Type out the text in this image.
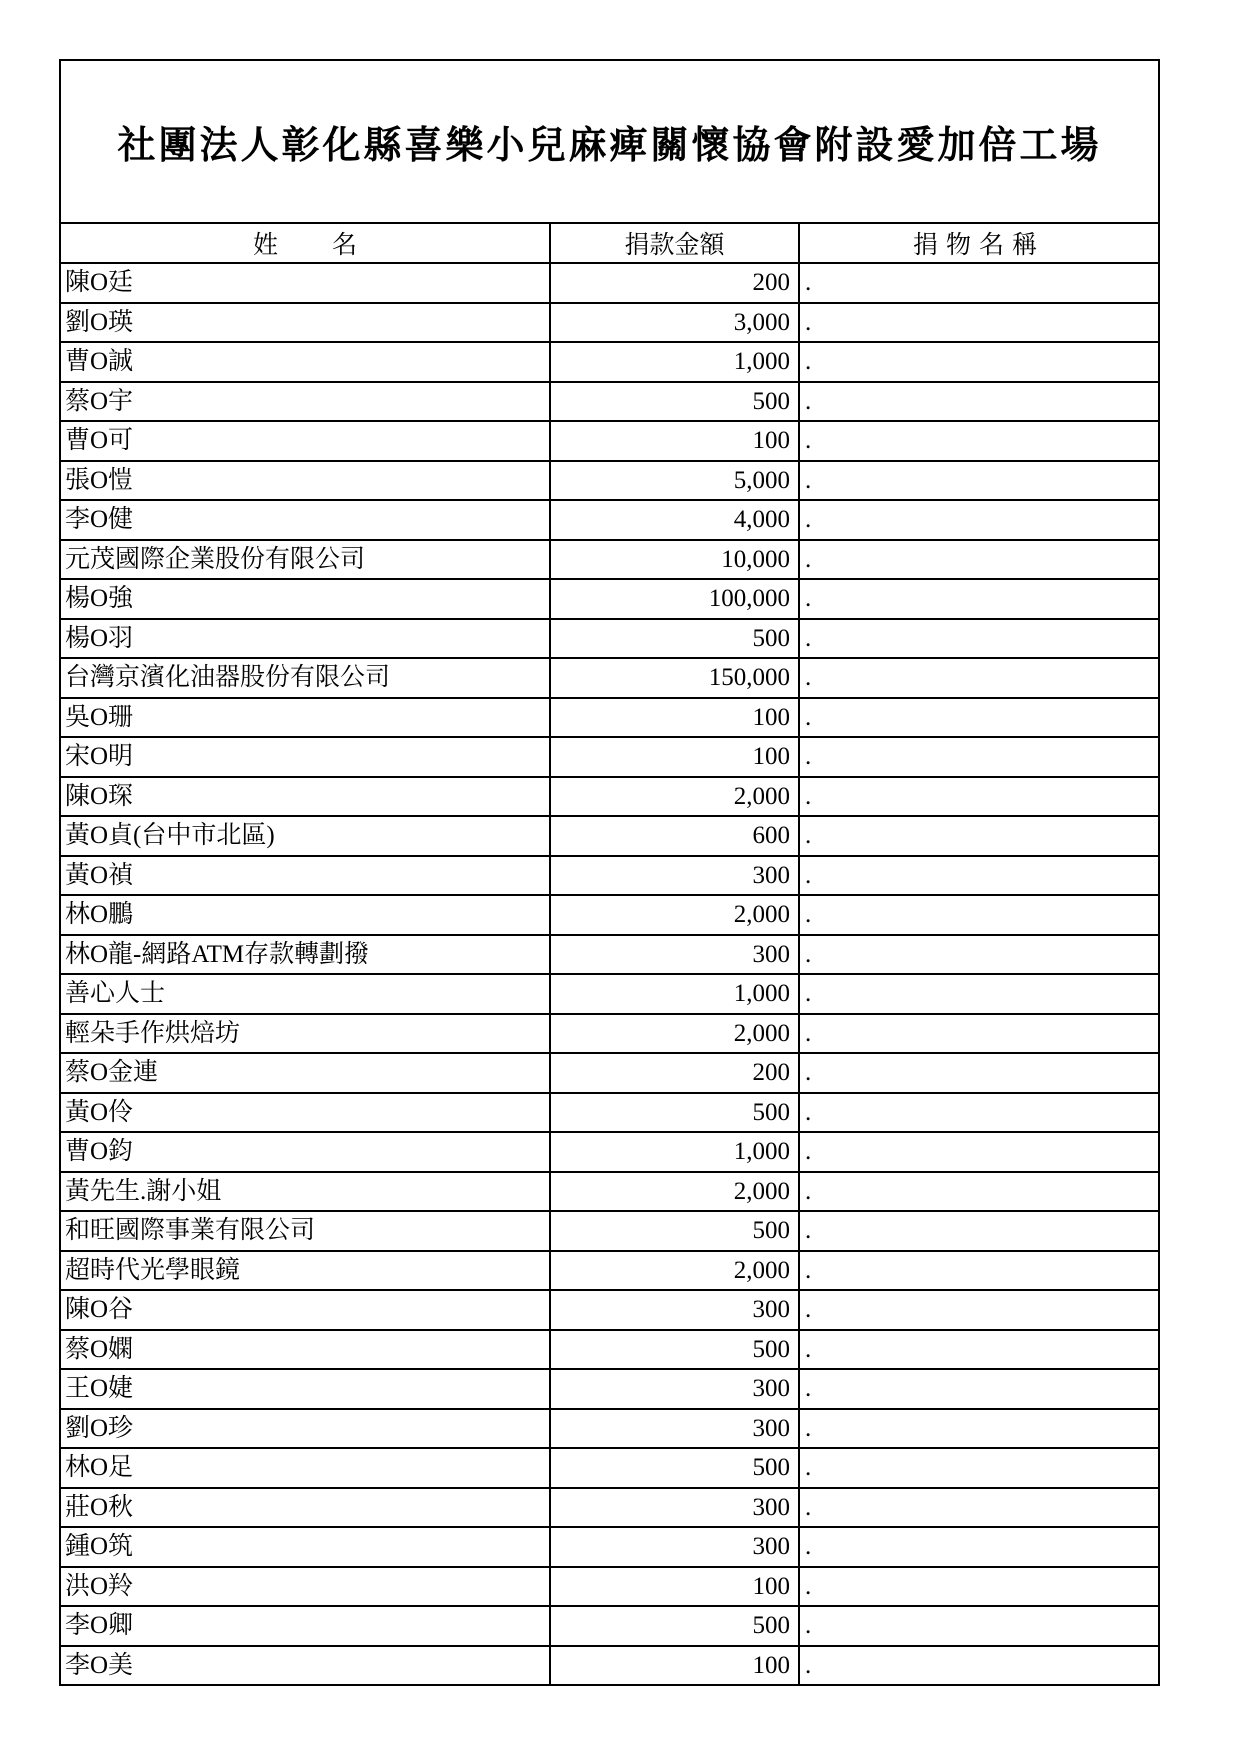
社團法人彰化縣喜樂小兒麻痺關懷協會附設愛加倍工場		
姓名	捐款金額	捐物名稱
陳O廷	200	.
劉O瑛	3,000	.
曹O誠	1,000	.
蔡O宇	500	.
曹O可	100	.
張O愷	5,000	.
李O健	4,000	.
元茂國際企業股份有限公司	10,000	.
楊O強	100,000	.
楊O羽	500	.
台灣京濱化油器股份有限公司	150,000	.
吳O珊	100	.
宋O明	100	.
陳O琛	2,000	.
黃O貞(台中市北區)	600	.
黃O禎	300	.
林O鵬	2,000	.
林O龍-網路ATM存款轉劃撥	300	.
善心人士	1,000	.
輕朵手作烘焙坊	2,000	.
蔡O金連	200	.
黃O伶	500	.
曹O鈞	1,000	.
黃先生.謝小姐	2,000	.
和旺國際事業有限公司	500	.
超時代光學眼鏡	2,000	.
陳O谷	300	.
蔡O嫻	500	.
王O婕	300	.
劉O珍	300	.
林O足	500	.
莊O秋	300	.
鍾O筑	300	.
洪O羚	100	.
李O卿	500	.
李O美	100	.
